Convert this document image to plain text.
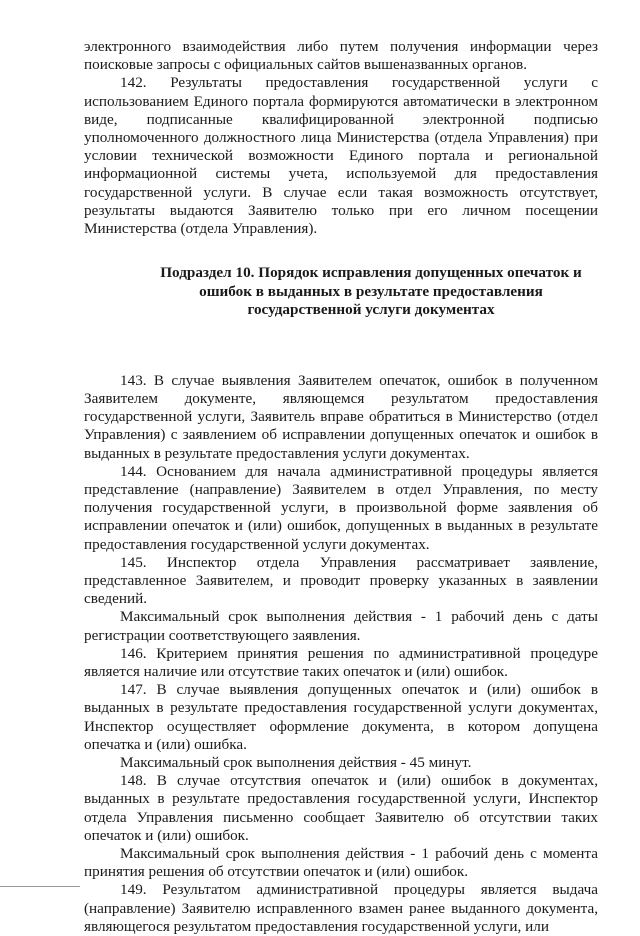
электронного взаимодействия либо путем получения информации через поисковые запросы с официальных сайтов вышеназванных органов.

142. Результаты предоставления государственной услуги с использованием Единого портала формируются автоматически в электронном виде, подписанные квалифицированной электронной подписью уполномоченного должностного лица Министерства (отдела Управления) при условии технической возможности Единого портала и региональной информационной системы учета, используемой для предоставления государственной услуги. В случае если такая возможность отсутствует, результаты выдаются Заявителю только при его личном посещении Министерства (отдела Управления).

Подраздел 10. Порядок исправления допущенных опечаток и
ошибок в выданных в результате предоставления
государственной услуги документах

143. В случае выявления Заявителем опечаток, ошибок в полученном Заявителем документе, являющемся результатом предоставления государственной услуги, Заявитель вправе обратиться в Министерство (отдел Управления) с заявлением об исправлении допущенных опечаток и ошибок в выданных в результате предоставления услуги документах.

144. Основанием для начала административной процедуры является представление (направление) Заявителем в отдел Управления, по месту получения государственной услуги, в произвольной форме заявления об исправлении опечаток и (или) ошибок, допущенных в выданных в результате предоставления государственной услуги документах.

145. Инспектор отдела Управления рассматривает заявление, представленное Заявителем, и проводит проверку указанных в заявлении сведений.

Максимальный срок выполнения действия - 1 рабочий день с даты регистрации соответствующего заявления.

146. Критерием принятия решения по административной процедуре является наличие или отсутствие таких опечаток и (или) ошибок.

147. В случае выявления допущенных опечаток и (или) ошибок в выданных в результате предоставления государственной услуги документах, Инспектор осуществляет оформление документа, в котором допущена опечатка и (или) ошибка.

Максимальный срок выполнения действия - 45 минут.

148. В случае отсутствия опечаток и (или) ошибок в документах, выданных в результате предоставления государственной услуги, Инспектор отдела Управления письменно сообщает Заявителю об отсутствии таких опечаток и (или) ошибок.

Максимальный срок выполнения действия - 1 рабочий день с момента принятия решения об отсутствии опечаток и (или) ошибок.

149. Результатом административной процедуры является выдача (направление) Заявителю исправленного взамен ранее выданного документа, являющегося результатом предоставления государственной услуги, или
